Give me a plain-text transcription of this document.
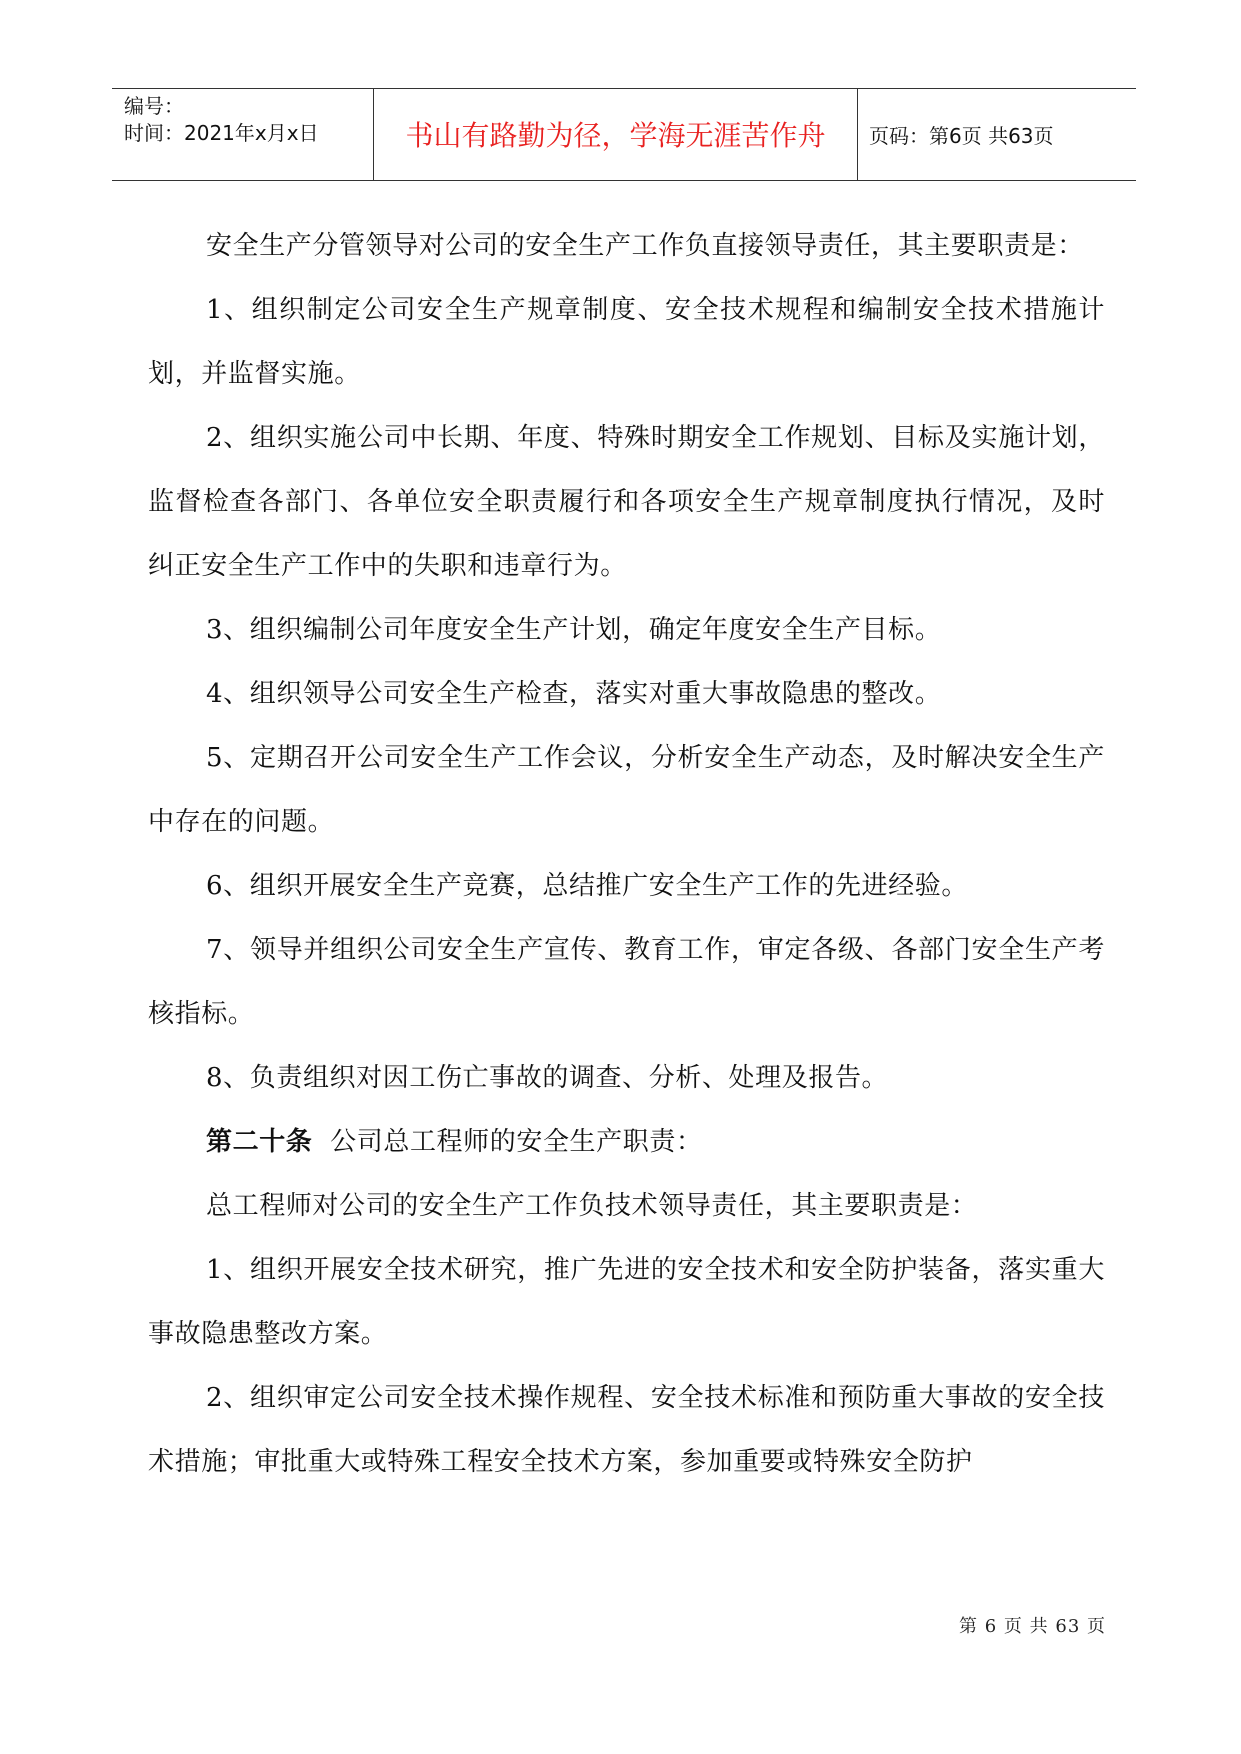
编号：
时间：2021年x月x日	书山有路勤为径，学海无涯苦作舟	页码：第6页 共63页

安全生产分管领导对公司的安全生产工作负直接领导责任，其主要职责是：

1、组织制定公司安全生产规章制度、安全技术规程和编制安全技术措施计划，并监督实施。

2、组织实施公司中长期、年度、特殊时期安全工作规划、目标及实施计划，监督检查各部门、各单位安全职责履行和各项安全生产规章制度执行情况，及时纠正安全生产工作中的失职和违章行为。

3、组织编制公司年度安全生产计划，确定年度安全生产目标。

4、组织领导公司安全生产检查，落实对重大事故隐患的整改。

5、定期召开公司安全生产工作会议，分析安全生产动态，及时解决安全生产中存在的问题。

6、组织开展安全生产竞赛，总结推广安全生产工作的先进经验。

7、领导并组织公司安全生产宣传、教育工作，审定各级、各部门安全生产考核指标。

8、负责组织对因工伤亡事故的调查、分析、处理及报告。

第二十条 公司总工程师的安全生产职责：

总工程师对公司的安全生产工作负技术领导责任，其主要职责是：

1、组织开展安全技术研究，推广先进的安全技术和安全防护装备，落实重大事故隐患整改方案。

2、组织审定公司安全技术操作规程、安全技术标准和预防重大事故的安全技术措施；审批重大或特殊工程安全技术方案，参加重要或特殊安全防护

第 6 页 共 63 页
